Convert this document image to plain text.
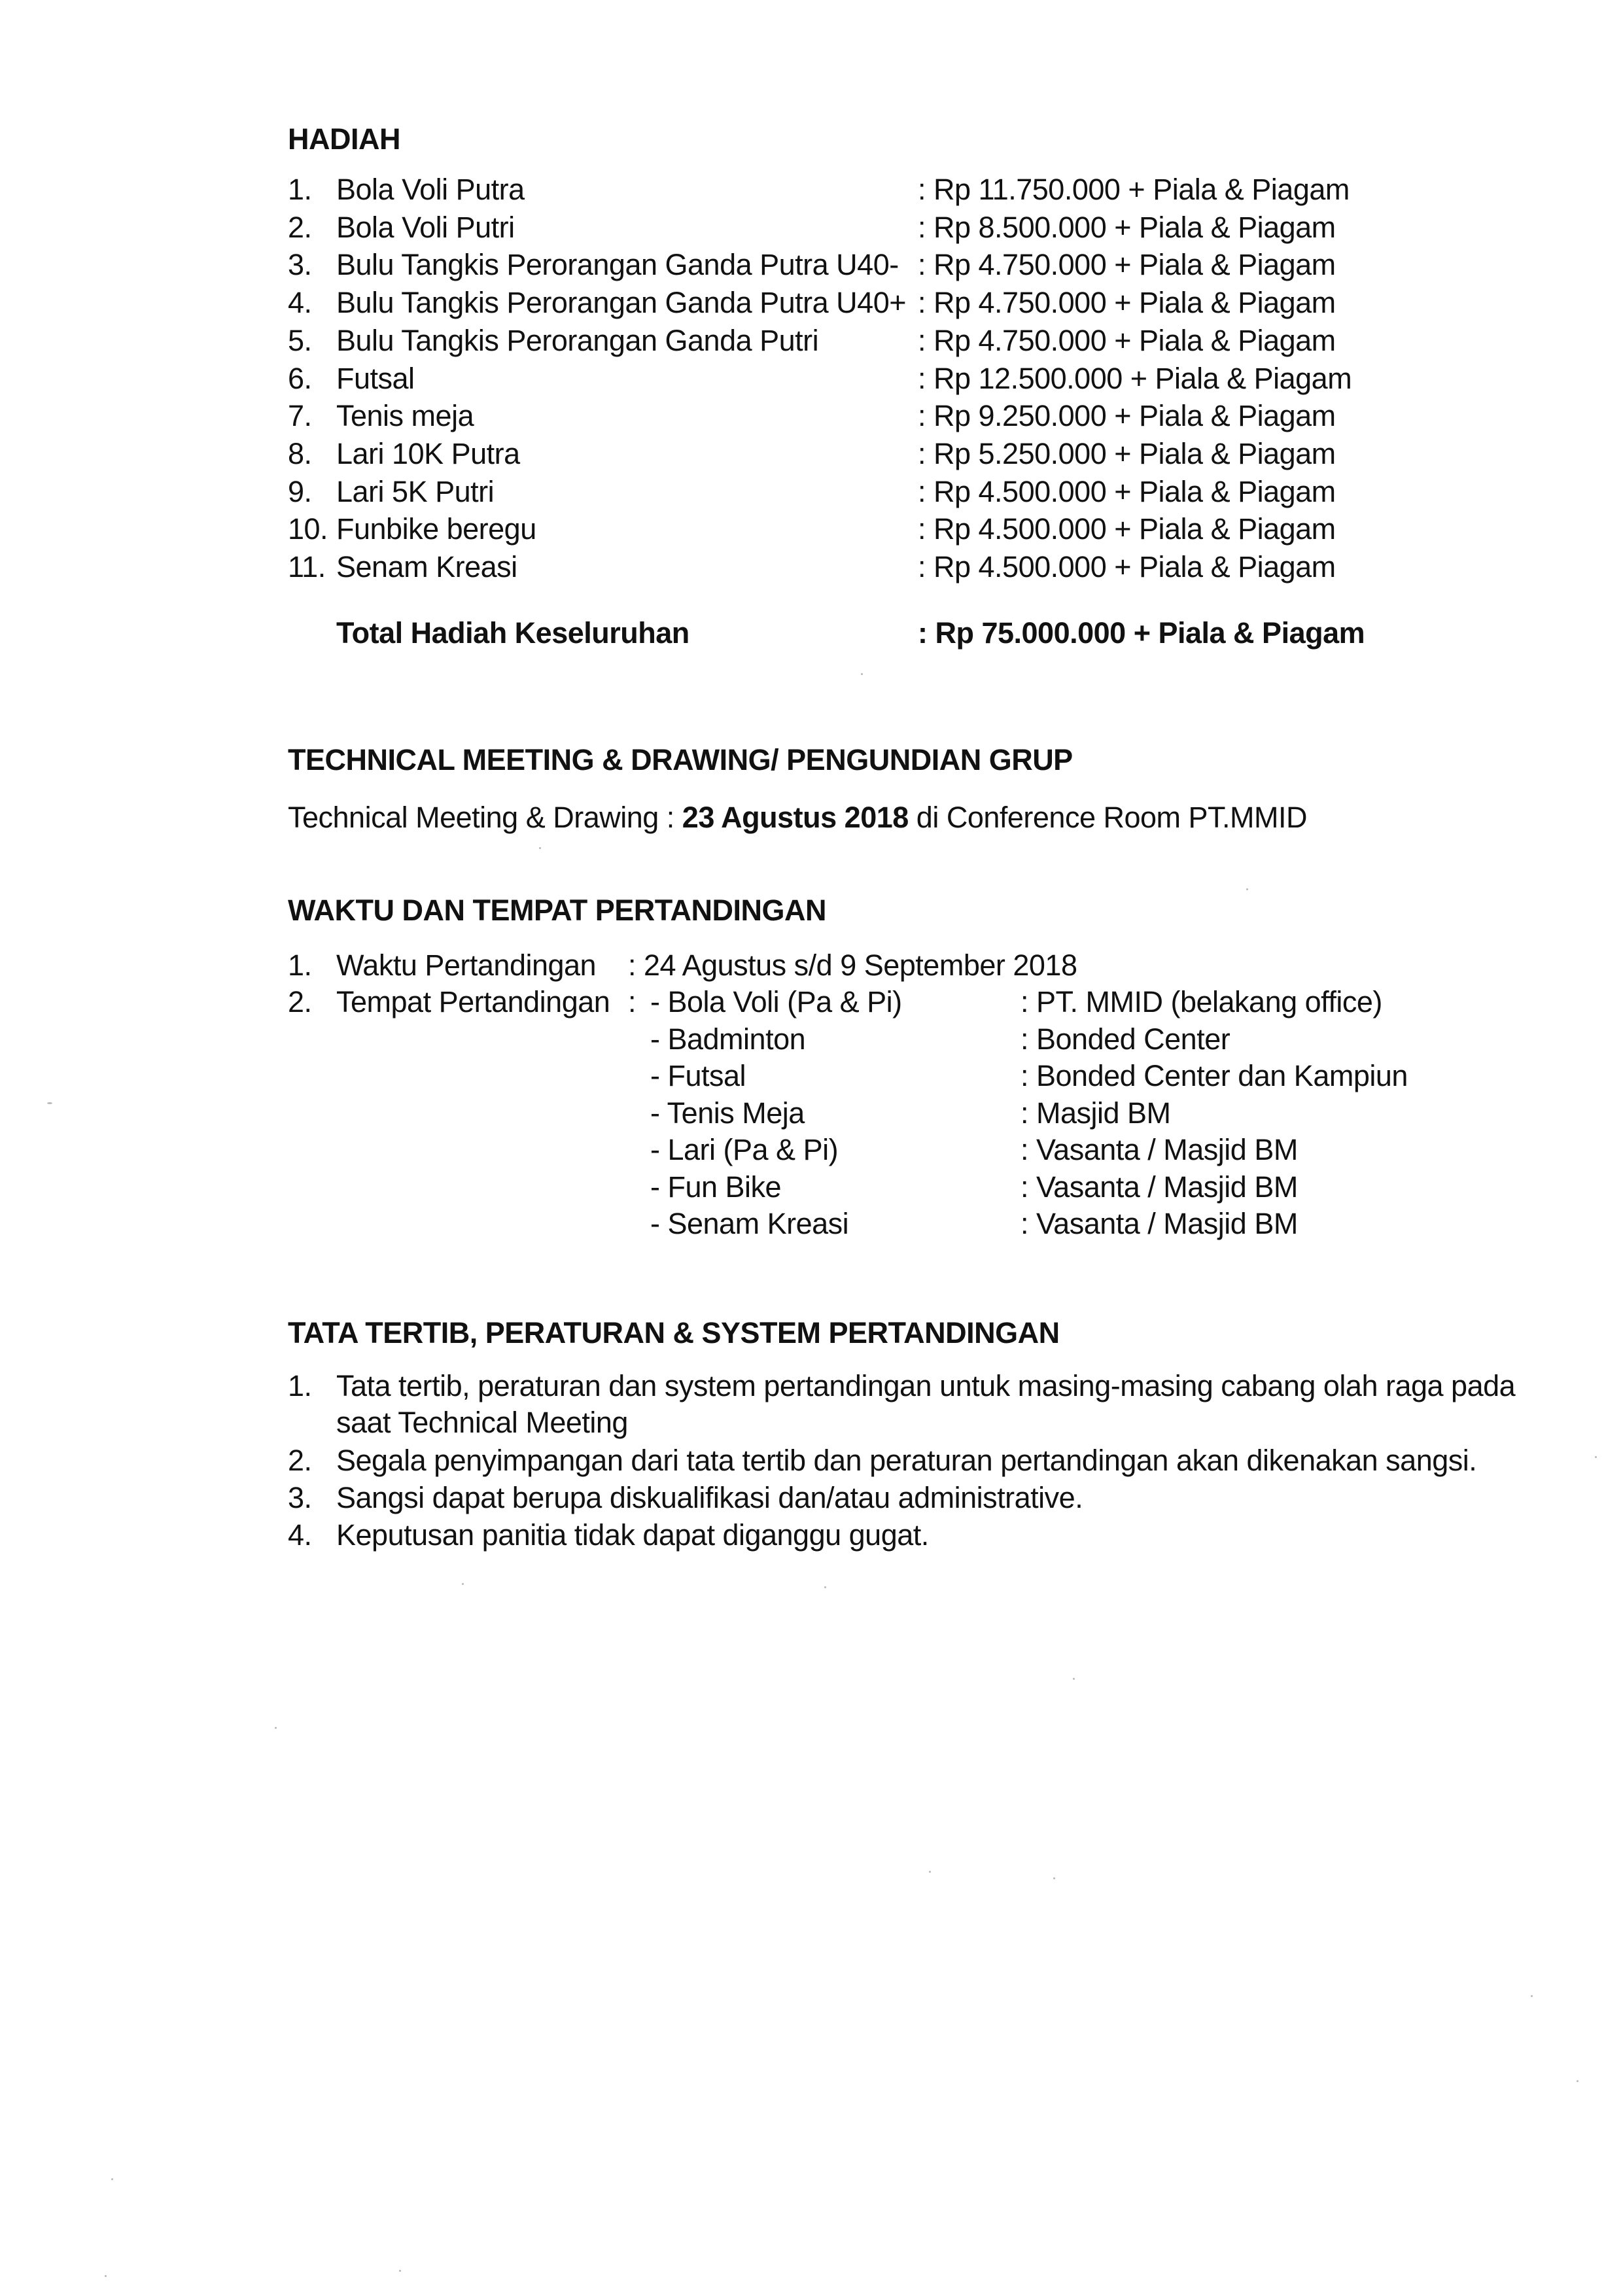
HADIAH
1. Bola Voli Putra	: Rp 11.750.000 + Piala & Piagam
2. Bola Voli Putri	: Rp 8.500.000 + Piala & Piagam
3. Bulu Tangkis Perorangan Ganda Putra U40- : Rp 4.750.000 + Piala & Piagam
4. Bulu Tangkis Perorangan Ganda Putra U40+ : Rp 4.750.000 + Piala & Piagam
5. Bulu Tangkis Perorangan Ganda Putri	: Rp 4.750.000 + Piala & Piagam
6. Futsal	: Rp 12.500.000 + Piala & Piagam
7. Tenis meja	: Rp 9.250.000 + Piala & Piagam
8. Lari 10K Putra	: Rp 5.250.000 + Piala & Piagam
9. Lari 5K Putri	: Rp 4.500.000 + Piala & Piagam
10. Funbike beregu	: Rp 4.500.000 + Piala & Piagam
11. Senam Kreasi	: Rp 4.500.000 + Piala & Piagam
Total Hadiah Keseluruhan	: Rp 75.000.000 + Piala & Piagam
TECHNICAL MEETING & DRAWING/ PENGUNDIAN GRUP
Technical Meeting & Drawing : 23 Agustus 2018 di Conference Room PT.MMID
WAKTU DAN TEMPAT PERTANDINGAN
1. Waktu Pertandingan : 24 Agustus s/d 9 September 2018
2. Tempat Pertandingan : - Bola Voli (Pa & Pi)	: PT. MMID (belakang office)
- Badminton	: Bonded Center
- Futsal	: Bonded Center dan Kampiun
- Tenis Meja	: Masjid BM
- Lari (Pa & Pi)	: Vasanta / Masjid BM
- Fun Bike	: Vasanta / Masjid BM
- Senam Kreasi	: Vasanta / Masjid BM
TATA TERTIB, PERATURAN & SYSTEM PERTANDINGAN
1. Tata tertib, peraturan dan system pertandingan untuk masing-masing cabang olah raga pada
saat Technical Meeting
2. Segala penyimpangan dari tata tertib dan peraturan pertandingan akan dikenakan sangsi.
3. Sangsi dapat berupa diskualifikasi dan/atau administrative.
4. Keputusan panitia tidak dapat diganggu gugat.
